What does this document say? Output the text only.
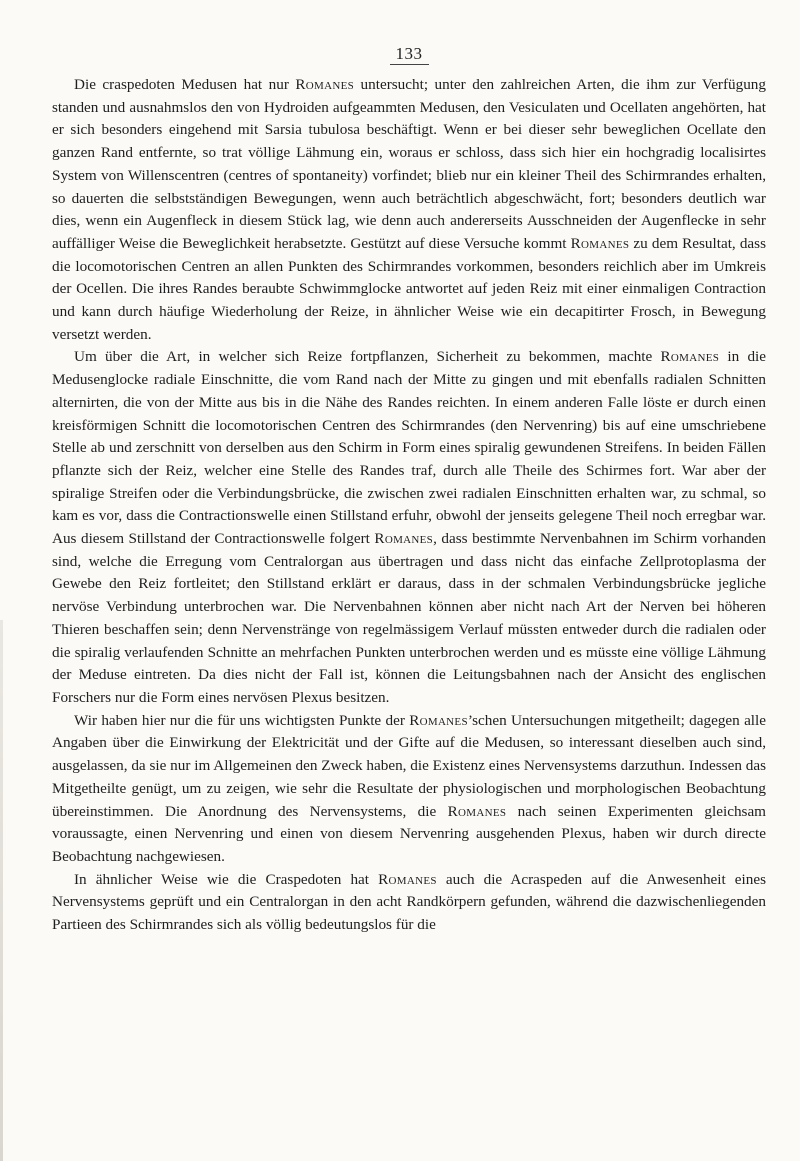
133

Die craspedoten Medusen hat nur Romanes untersucht; unter den zahlreichen Arten, die ihm zur Verfügung standen und ausnahmslos den von Hydroiden aufgeammten Medusen, den Vesiculaten und Ocellaten angehörten, hat er sich besonders eingehend mit Sarsia tubulosa beschäftigt. Wenn er bei dieser sehr beweglichen Ocellate den ganzen Rand entfernte, so trat völlige Lähmung ein, woraus er schloss, dass sich hier ein hochgradig localisirtes System von Willenscentren (centres of spontaneity) vorfindet; blieb nur ein kleiner Theil des Schirmrandes erhalten, so dauerten die selbstständigen Bewegungen, wenn auch beträchtlich abgeschwächt, fort; besonders deutlich war dies, wenn ein Augenfleck in diesem Stück lag, wie denn auch andererseits Ausschneiden der Augenflecke in sehr auffälliger Weise die Beweglichkeit herabsetzte. Gestützt auf diese Versuche kommt Romanes zu dem Resultat, dass die locomotorischen Centren an allen Punkten des Schirmrandes vorkommen, besonders reichlich aber im Umkreis der Ocellen. Die ihres Randes beraubte Schwimmglocke antwortet auf jeden Reiz mit einer einmaligen Contraction und kann durch häufige Wiederholung der Reize, in ähnlicher Weise wie ein decapitirter Frosch, in Bewegung versetzt werden.

Um über die Art, in welcher sich Reize fortpflanzen, Sicherheit zu bekommen, machte Romanes in die Medusenglocke radiale Einschnitte, die vom Rand nach der Mitte zu gingen und mit ebenfalls radialen Schnitten alternirten, die von der Mitte aus bis in die Nähe des Randes reichten. In einem anderen Falle löste er durch einen kreisförmigen Schnitt die locomotorischen Centren des Schirmrandes (den Nervenring) bis auf eine umschriebene Stelle ab und zerschnitt von derselben aus den Schirm in Form eines spiralig gewundenen Streifens. In beiden Fällen pflanzte sich der Reiz, welcher eine Stelle des Randes traf, durch alle Theile des Schirmes fort. War aber der spiralige Streifen oder die Verbindungsbrücke, die zwischen zwei radialen Einschnitten erhalten war, zu schmal, so kam es vor, dass die Contractionswelle einen Stillstand erfuhr, obwohl der jenseits gelegene Theil noch erregbar war. Aus diesem Stillstand der Contractionswelle folgert Romanes, dass bestimmte Nervenbahnen im Schirm vorhanden sind, welche die Erregung vom Centralorgan aus übertragen und dass nicht das einfache Zellprotoplasma der Gewebe den Reiz fortleitet; den Stillstand erklärt er daraus, dass in der schmalen Verbindungsbrücke jegliche nervöse Verbindung unterbrochen war. Die Nervenbahnen können aber nicht nach Art der Nerven bei höheren Thieren beschaffen sein; denn Nervenstränge von regelmässigem Verlauf müssten entweder durch die radialen oder die spiralig verlaufenden Schnitte an mehrfachen Punkten unterbrochen werden und es müsste eine völlige Lähmung der Meduse eintreten. Da dies nicht der Fall ist, können die Leitungsbahnen nach der Ansicht des englischen Forschers nur die Form eines nervösen Plexus besitzen.

Wir haben hier nur die für uns wichtigsten Punkte der Romanes’schen Untersuchungen mitgetheilt; dagegen alle Angaben über die Einwirkung der Elektricität und der Gifte auf die Medusen, so interessant dieselben auch sind, ausgelassen, da sie nur im Allgemeinen den Zweck haben, die Existenz eines Nervensystems darzuthun. Indessen das Mitgetheilte genügt, um zu zeigen, wie sehr die Resultate der physiologischen und morphologischen Beobachtung übereinstimmen. Die Anordnung des Nervensystems, die Romanes nach seinen Experimenten gleichsam voraussagte, einen Nervenring und einen von diesem Nervenring ausgehenden Plexus, haben wir durch directe Beobachtung nachgewiesen.

In ähnlicher Weise wie die Craspedoten hat Romanes auch die Acraspeden auf die Anwesenheit eines Nervensystems geprüft und ein Centralorgan in den acht Randkörpern gefunden, während die dazwischenliegenden Partieen des Schirmrandes sich als völlig bedeutungslos für die
